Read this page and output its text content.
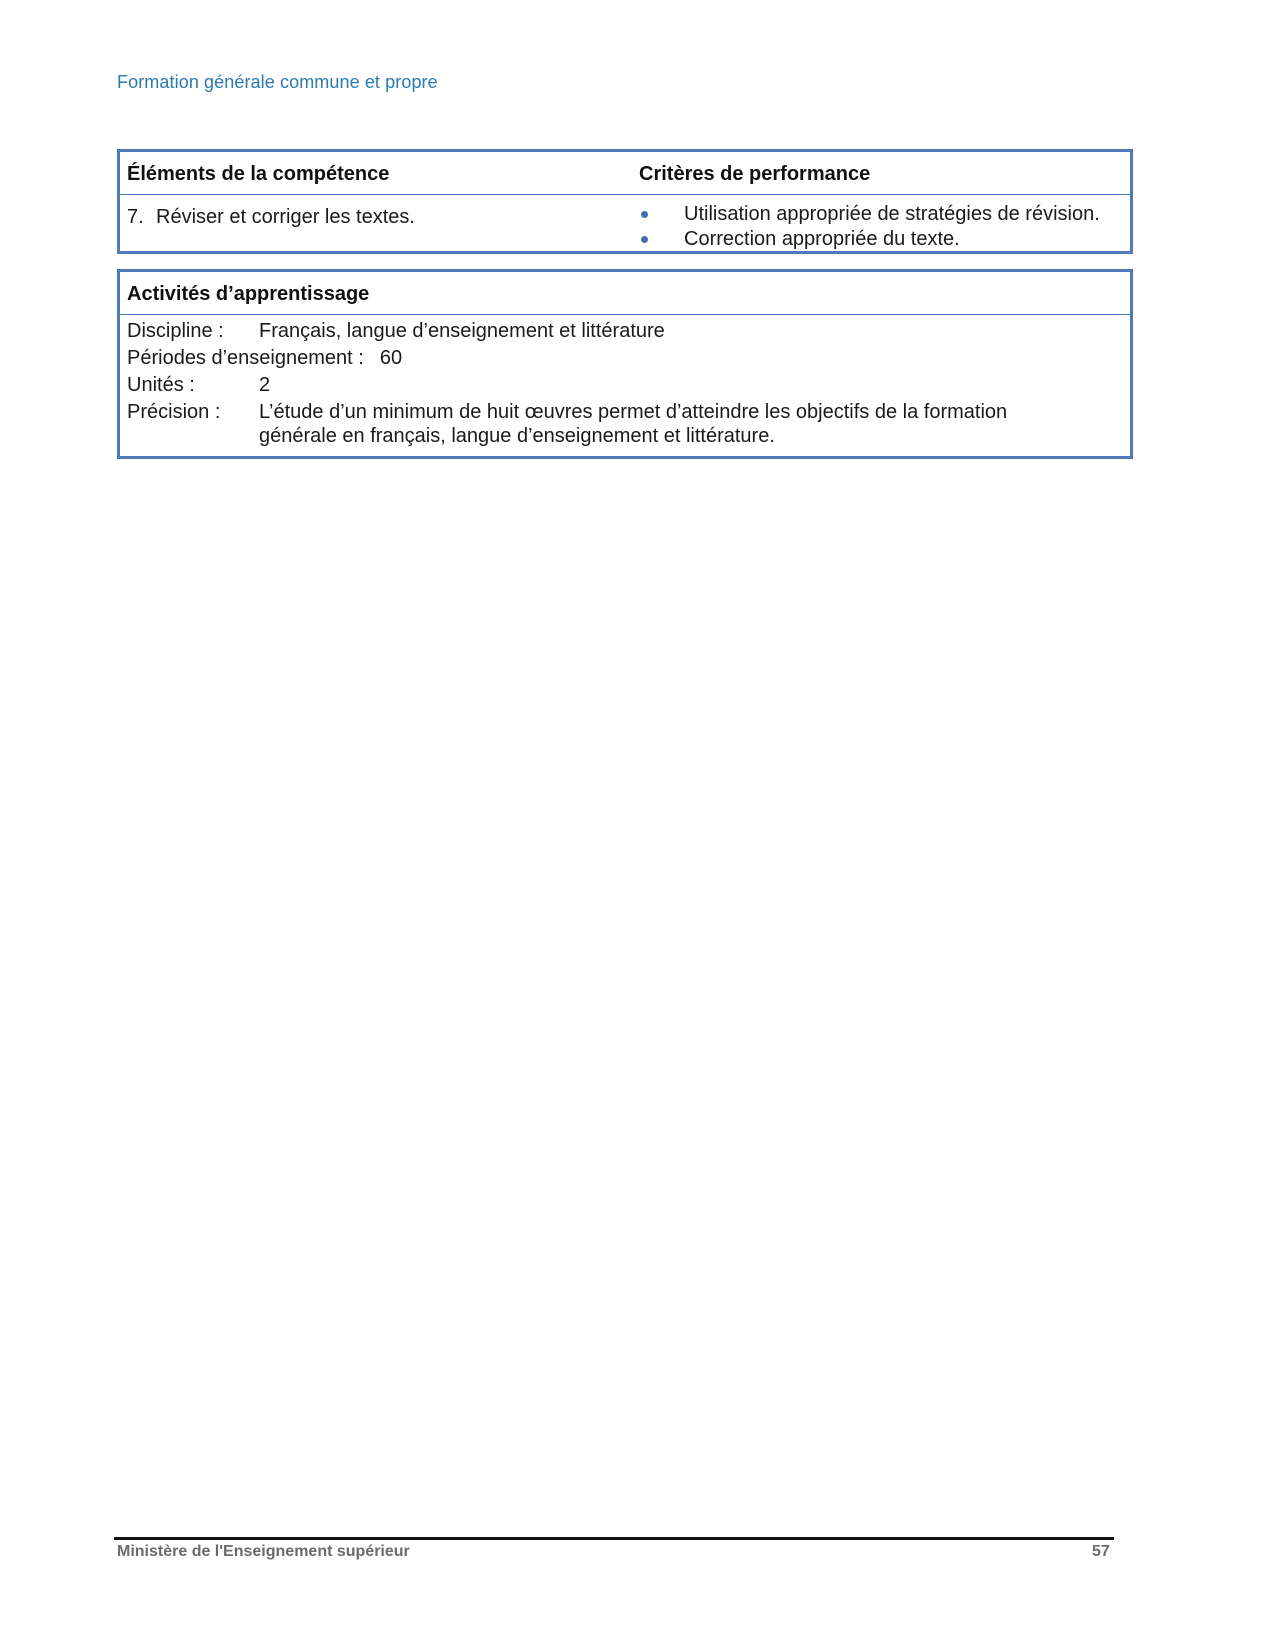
Formation générale commune et propre
Éléments de la compétence	Critères de performance
7. Réviser et corriger les textes.	Utilisation appropriée de stratégies de révision.
Correction appropriée du texte.
Activités d’apprentissage
Discipline : Français, langue d’enseignement et littérature
Périodes d’enseignement : 60
Unités :	2
Précision : L’étude d’un minimum de huit œuvres permet d’atteindre les objectifs de la formation générale en français, langue d’enseignement et littérature.
Ministère de l'Enseignement supérieur	57
